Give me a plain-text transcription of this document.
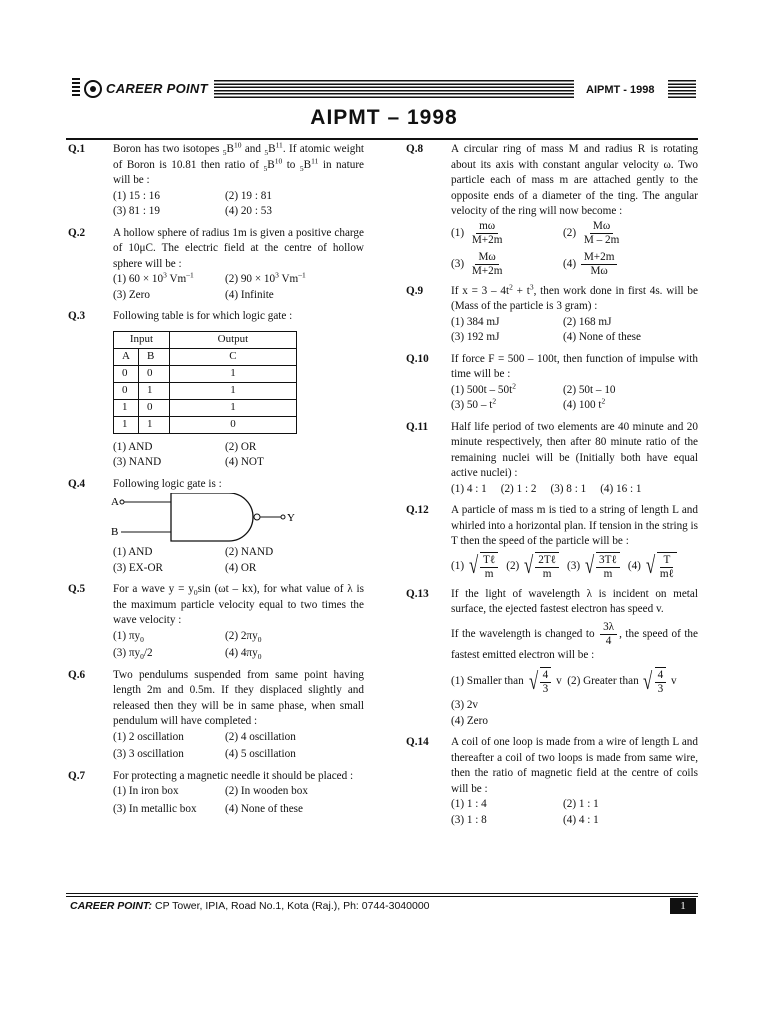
CAREER POINT	AIPMT - 1998
AIPMT – 1998
Q.1 Boron has two isotopes $_5B^{10}$ and $_5B^{11}$. If atomic weight of Boron is 10.81 then ratio of $_5B^{10}$ to $_5B^{11}$ in nature will be :
(1) 15 : 16	(2) 19 : 81
(3) 81 : 19	(4) 20 : 53
Q.2 A hollow sphere of radius 1m is given a positive charge of 10μC. The electric field at the centre of hollow sphere will be :
(1) $60 \times 10^3$ $Vm^{-1}$	(2) $90 \times 10^3$ $Vm^{-1}$
(3) Zero	(4) Infinite
Q.3 Following table is for which logic gate :
Input		Output
A	B	C
0	0	1
0	1	1
1	0	1
1	1	0
(1) AND	(2) OR
(3) NAND	(4) NOT
Q.4 Following logic gate is :
A
B
Y
(1) AND	(2) NAND
(3) EX-OR	(4) OR
Q.5 For a wave $y = y_0\sin$ (ωt – kx), for what value of λ is the maximum particle velocity equal to two times the wave velocity :
(1) $\pi y_0$	(2) $2\pi y_0$
(3) $\pi y_0/2$	(4) $4\pi y_0$
Q.6 Two pendulums suspended from same point having length 2m and 0.5m. If they displaced slightly and released then they will be in same phase, when small pendulum will have completed :
(1) 2 oscillation	(2) 4 oscillation
(3) 3 oscillation	(4) 5 oscillation
Q.7 For protecting a magnetic needle it should be placed :
(1) In iron box	(2) In wooden box
(3) In metallic box	(4) None of these
Q.8 A circular ring of mass M and radius R is rotating about its axis with constant angular velocity ω. Two particle each of mass m are attached gently to the opposite ends of a diameter of the ting. The angular velocity of the ring will now become :
$(1) \frac{m\omega}{M+2m}$	$(2) \frac{M\omega}{M - 2m}$
$(3) \frac{M\omega}{M+2m}$	$(4) \frac{M+2m}{M\omega}$
Q.9 If $x = 3 - 4t^2 + t^3$, then work done in first 4s. will be (Mass of the particle is 3 gram) :
(1) 384 mJ	(2) 168 mJ
(3) 192 mJ	(4) None of these
Q.10 If force F = 500 – 100t, then function of impulse with time will be :
(1) $500t - 50t^2$	(2) 50t – 10
(3) $50 - t^2$	(4) 100 $t^2$
Q.11 Half life period of two elements are 40 minute and 20 minute respectively, then after 80 minute ratio of the remaining nuclei will be (Initially both have equal active nuclei) :
(1) 4 : 1 (2) 1 : 2 (3) 8 : 1 (4) 16 : 1
Q.12 A particle of mass m is tied to a string of length L and whirled into a horizontal plan. If tension in the string is T then the speed of the particle will be :
(1) √ $\frac{\text{Tℓ}}{m} (2)$ √ $\frac{\text{2Tℓ}}{m} (3)$ √ $\frac{\text{3Tℓ}}{m} (4)$ √ $\frac{T}{\text{mℓ}}$
Q.13 If the light of wavelength λ is incident on metal surface, the ejected fastest electron has speed v.
If the wavelength is changed to $\frac{3\lambda}{4}$ , the speed of the fastest emitted electron will be :
(1) Smaller than √ $\frac{4}{3}$ v  (2) Greater than √ $\frac{4}{3}$ v
(3) 2v
(4) Zero
Q.14 A coil of one loop is made from a wire of length L and thereafter a coil of two loops is made from same wire, then the ratio of magnetic field at the centre of coils will be :
(1) 1 : 4	(2) 1 : 1
(3) 1 : 8	(4) 4 : 1
CAREER POINT: CP Tower, IPIA, Road No.1, Kota (Raj.), Ph: 0744-3040000	1
